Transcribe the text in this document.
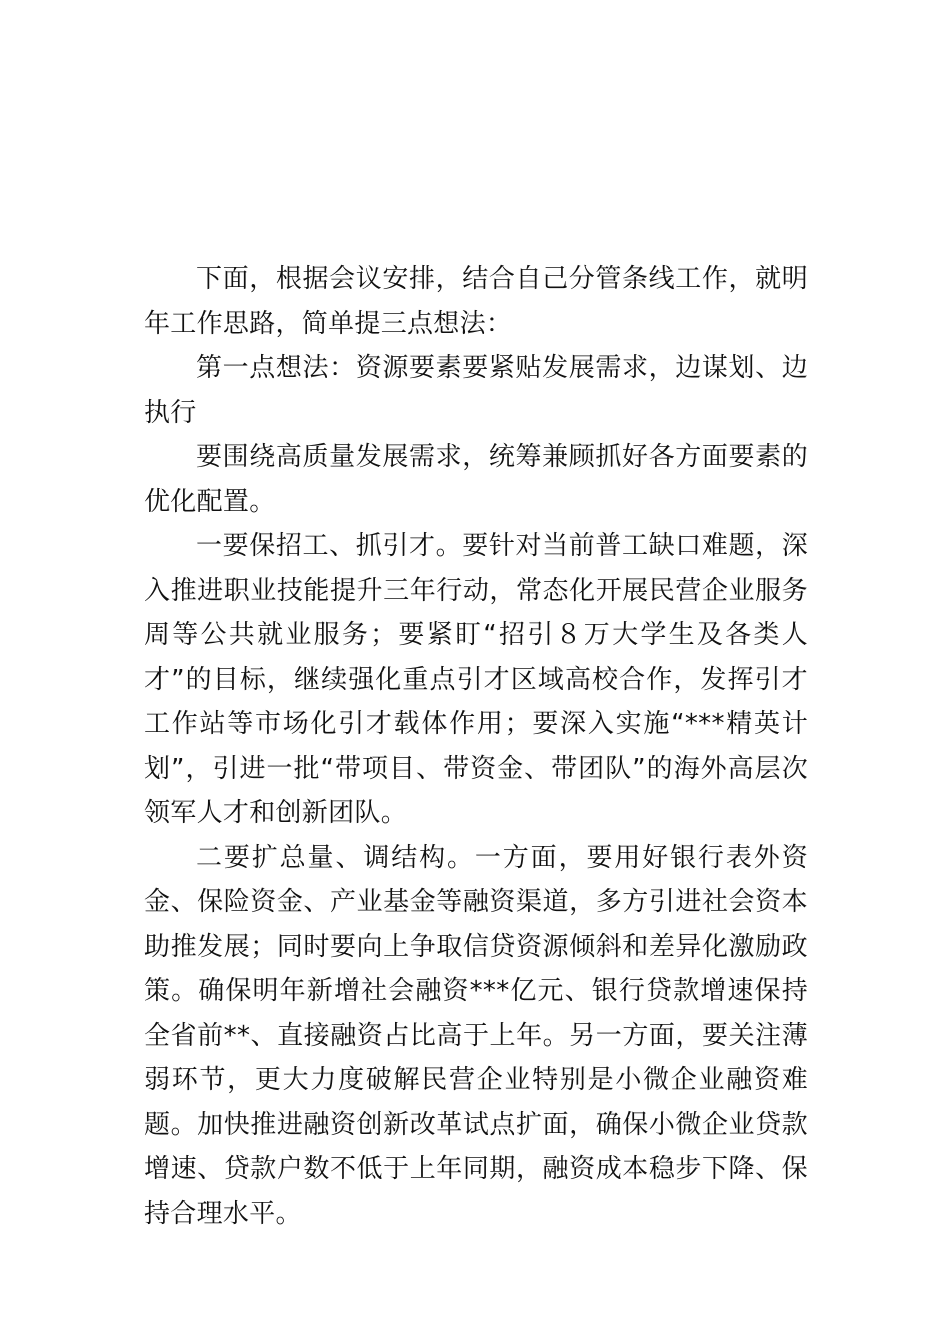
下面，根据会议安排，结合自己分管条线工作，就明年工作思路，简单提三点想法：

第一点想法：资源要素要紧贴发展需求，边谋划、边执行

要围绕高质量发展需求，统筹兼顾抓好各方面要素的优化配置。

一要保招工、抓引才。要针对当前普工缺口难题，深入推进职业技能提升三年行动，常态化开展民营企业服务周等公共就业服务；要紧盯“招引８万大学生及各类人才”的目标，继续强化重点引才区域高校合作，发挥引才工作站等市场化引才载体作用；要深入实施“***精英计划”，引进一批“带项目、带资金、带团队”的海外高层次领军人才和创新团队。

二要扩总量、调结构。一方面，要用好银行表外资金、保险资金、产业基金等融资渠道，多方引进社会资本助推发展；同时要向上争取信贷资源倾斜和差异化激励政策。确保明年新增社会融资***亿元、银行贷款增速保持全省前**、直接融资占比高于上年。另一方面，要关注薄弱环节，更大力度破解民营企业特别是小微企业融资难题。加快推进融资创新改革试点扩面，确保小微企业贷款增速、贷款户数不低于上年同期，融资成本稳步下降、保持合理水平。
